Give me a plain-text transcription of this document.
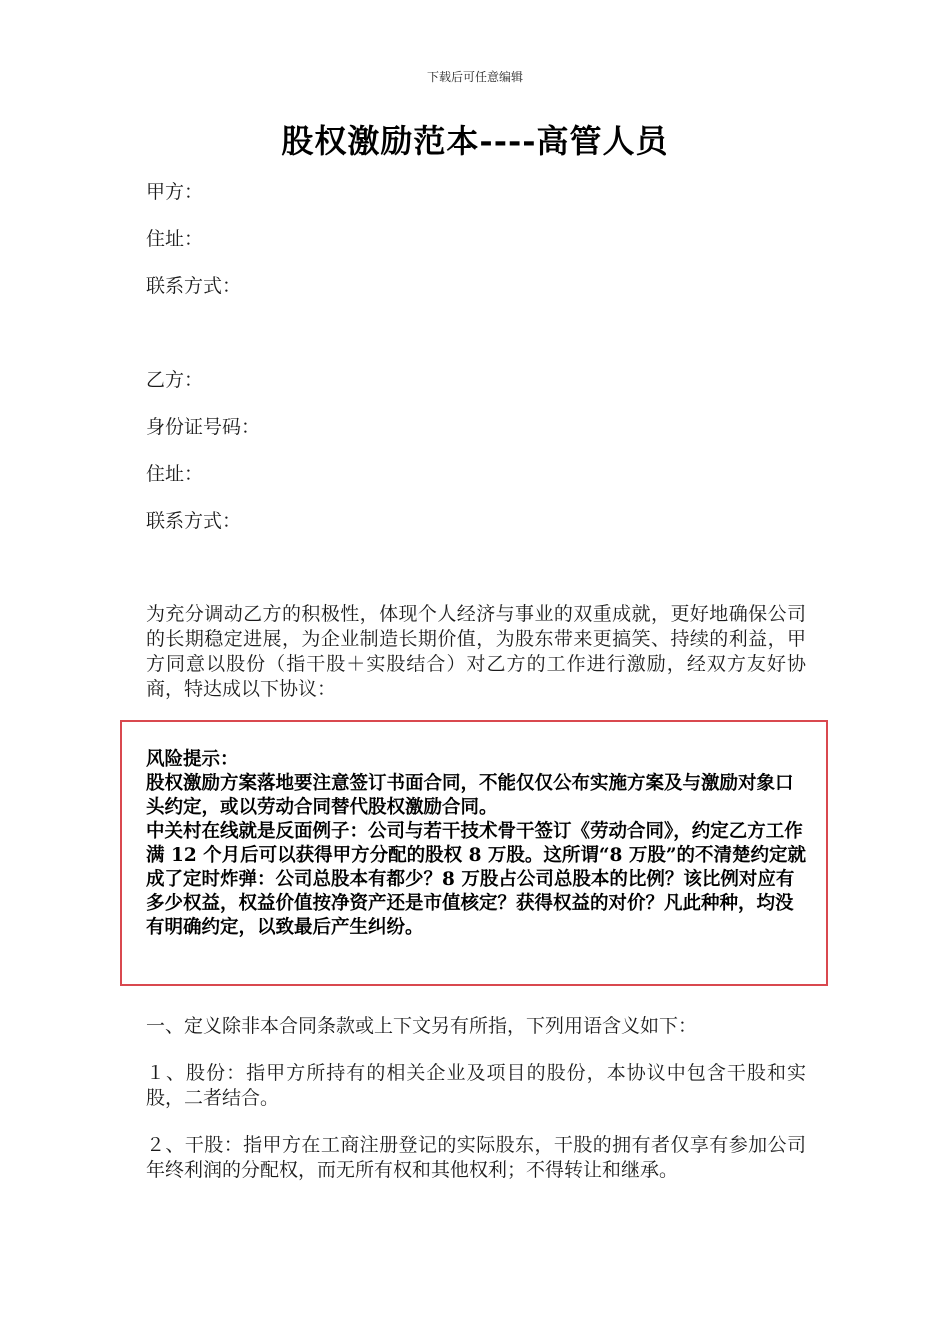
下载后可任意编辑
股权激励范本----高管人员
甲方：
住址：
联系方式：
乙方：
身份证号码：
住址：
联系方式：
为充分调动乙方的积极性，体现个人经济与事业的双重成就，更好地确保公司的长期稳定进展，为企业制造长期价值，为股东带来更搞笑、持续的利益，甲方同意以股份（指干股＋实股结合）对乙方的工作进行激励，经双方友好协商，特达成以下协议：
风险提示：
股权激励方案落地要注意签订书面合同，不能仅仅公布实施方案及与激励对象口头约定，或以劳动合同替代股权激励合同。
中关村在线就是反面例子：公司与若干技术骨干签订《劳动合同》，约定乙方工作满 12 个月后可以获得甲方分配的股权 8 万股。这所谓“8 万股”的不清楚约定就成了定时炸弹：公司总股本有都少？8 万股占公司总股本的比例？该比例对应有多少权益，权益价值按净资产还是市值核定？获得权益的对价？凡此种种，均没有明确约定，以致最后产生纠纷。
一、定义除非本合同条款或上下文另有所指，下列用语含义如下：
１、股份：指甲方所持有的相关企业及项目的股份，本协议中包含干股和实股，二者结合。
２、干股：指甲方在工商注册登记的实际股东，干股的拥有者仅享有参加公司年终利润的分配权，而无所有权和其他权利；不得转让和继承。
